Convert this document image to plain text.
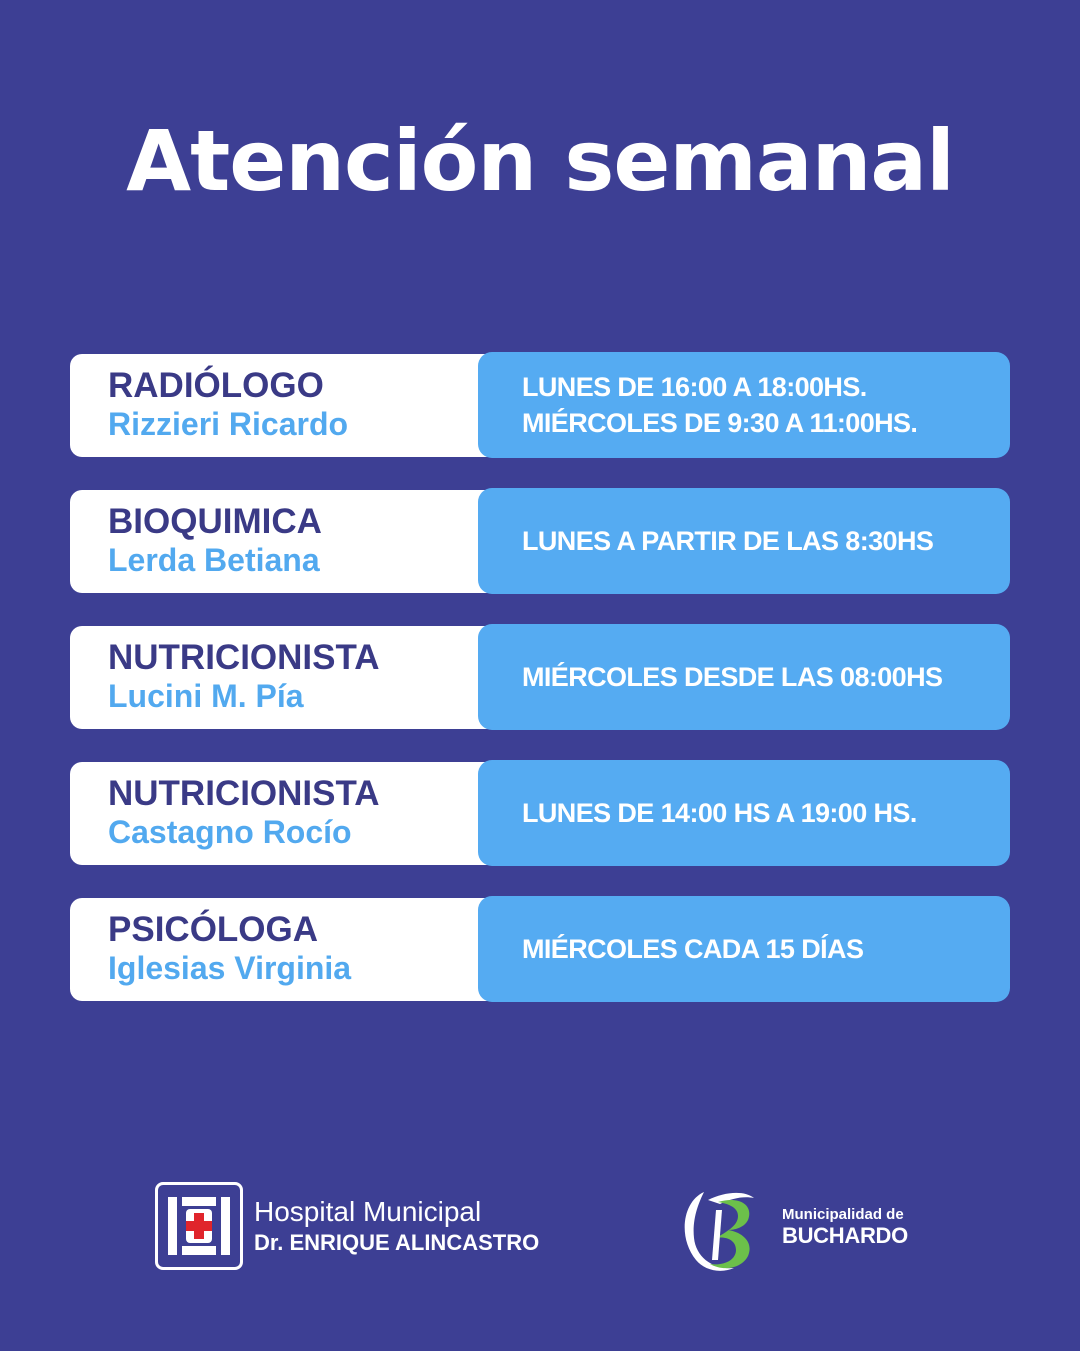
Atención semanal
RADIÓLOGO
Rizzieri Ricardo
LUNES DE 16:00 A 18:00HS.
MIÉRCOLES DE 9:30 A 11:00HS.
BIOQUIMICA
Lerda Betiana
LUNES A PARTIR DE LAS 8:30HS
NUTRICIONISTA
Lucini M. Pía
MIÉRCOLES DESDE LAS 08:00HS
NUTRICIONISTA
Castagno Rocío
LUNES DE 14:00 HS A 19:00 HS.
PSICÓLOGA
Iglesias Virginia
MIÉRCOLES CADA 15 DÍAS
Hospital Municipal
Dr. ENRIQUE ALINCASTRO
Municipalidad de
BUCHARDO
